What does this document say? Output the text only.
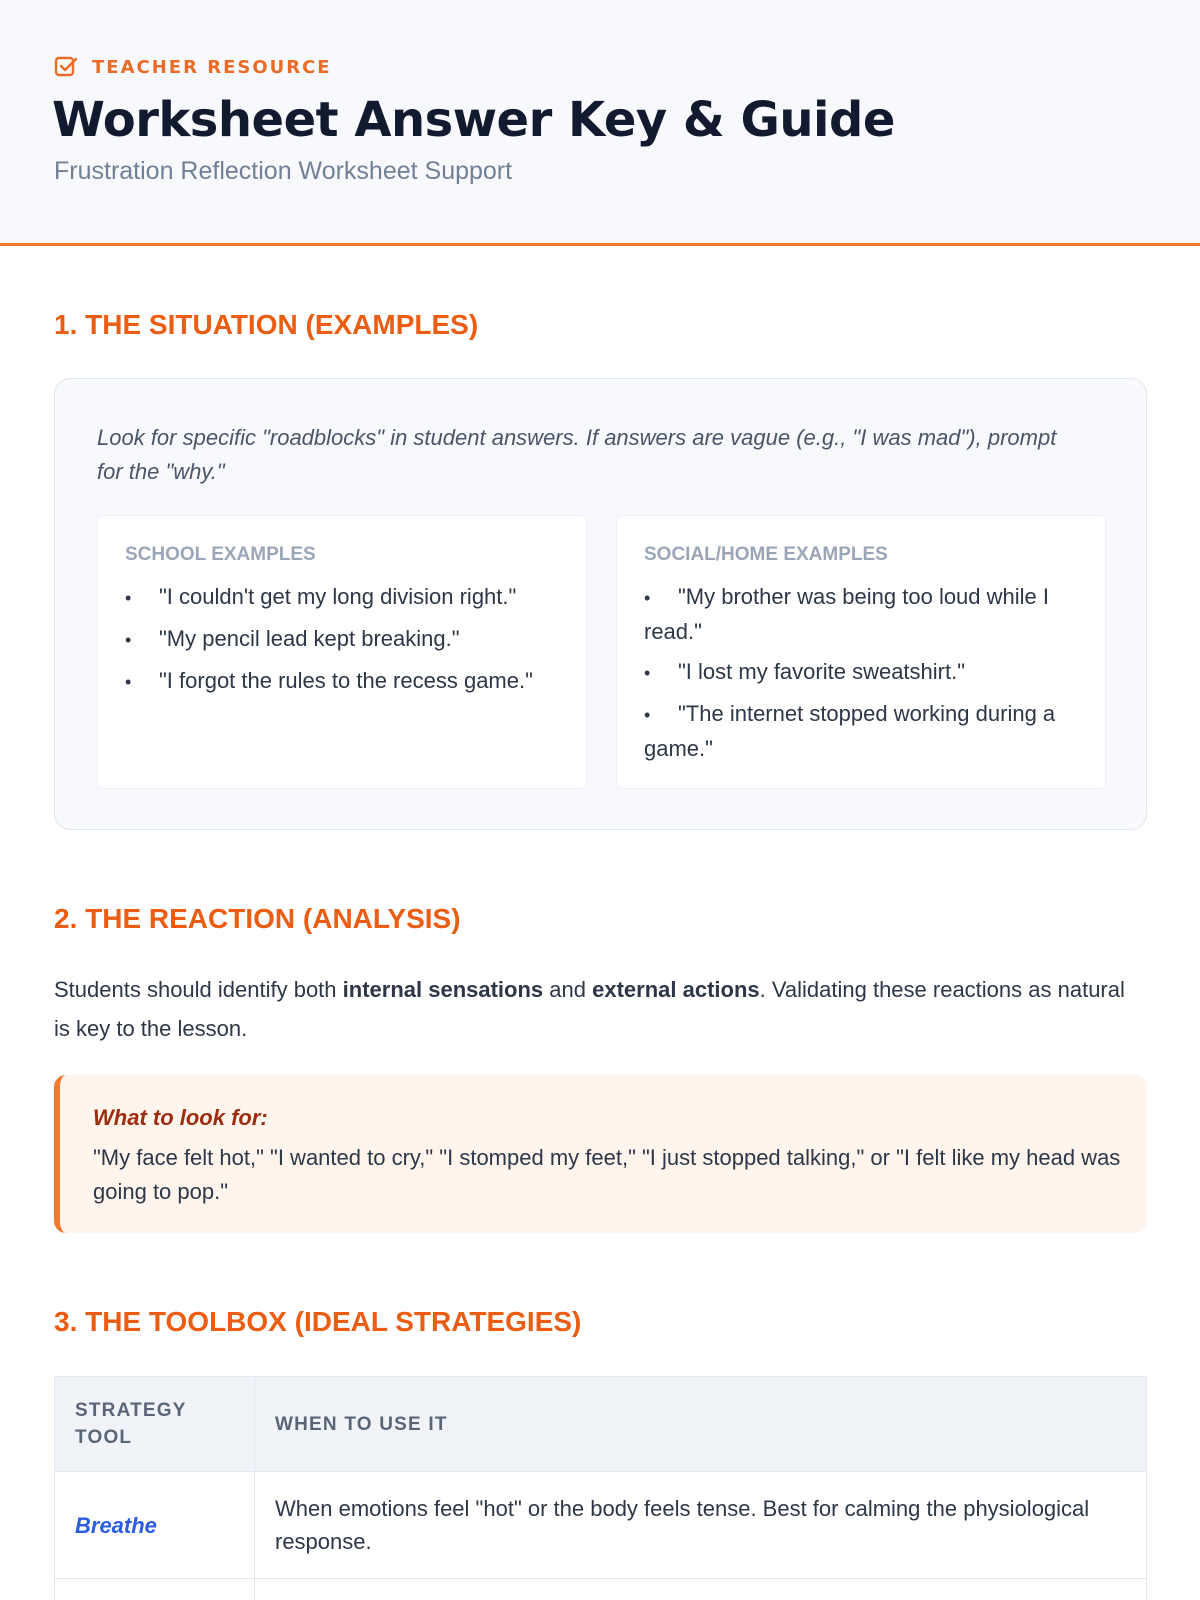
TEACHER RESOURCE
Worksheet Answer Key & Guide
Frustration Reflection Worksheet Support
1. THE SITUATION (EXAMPLES)
Look for specific "roadblocks" in student answers. If answers are vague (e.g., "I was mad"), prompt for the "why."
SCHOOL EXAMPLES
• "I couldn't get my long division right."
• "My pencil lead kept breaking."
• "I forgot the rules to the recess game."
SOCIAL/HOME EXAMPLES
• "My brother was being too loud while I read."
• "I lost my favorite sweatshirt."
• "The internet stopped working during a game."
2. THE REACTION (ANALYSIS)
Students should identify both internal sensations and external actions. Validating these reactions as natural is key to the lesson.
What to look for:
"My face felt hot," "I wanted to cry," "I stomped my feet," "I just stopped talking," or "I felt like my head was going to pop."
3. THE TOOLBOX (IDEAL STRATEGIES)
STRATEGY TOOL	WHEN TO USE IT
Breathe	When emotions feel "hot" or the body feels tense. Best for calming the physiological response.
